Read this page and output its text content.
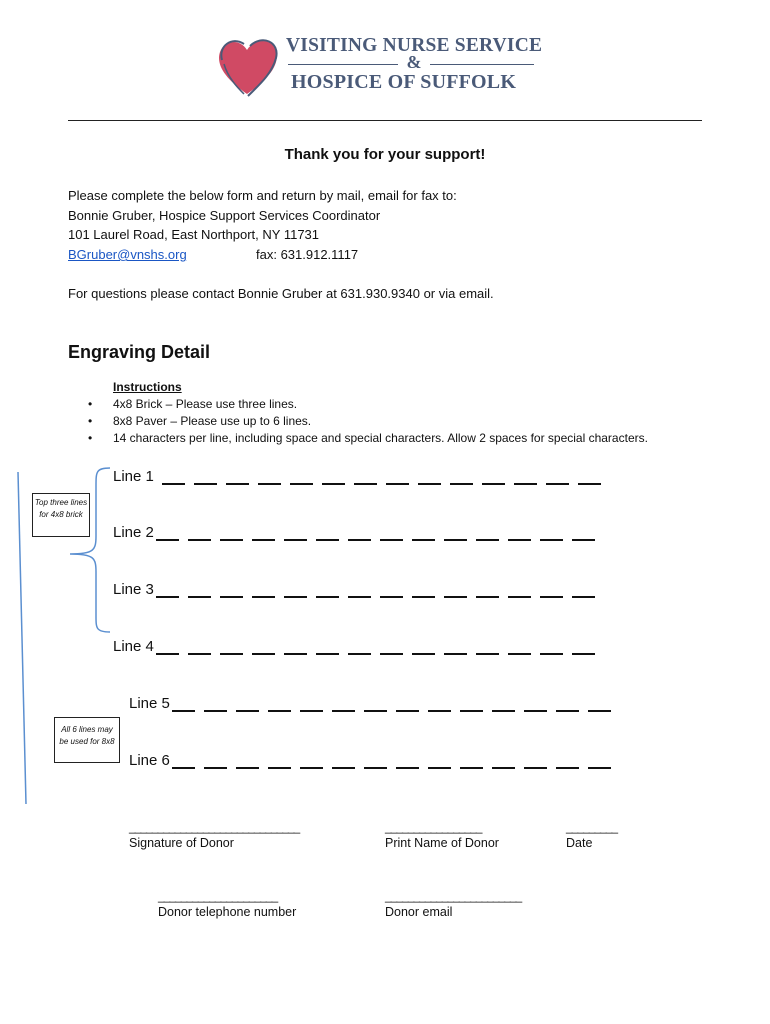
VISITING NURSE SERVICE
&
HOSPICE OF SUFFOLK
Thank you for your support!
Please complete the below form and return by mail, email for fax to:
Bonnie Gruber, Hospice Support Services Coordinator
101 Laurel Road, East Northport, NY 11731
BGruber@vnshs.org	fax: 631.912.1117
For questions please contact Bonnie Gruber at 631.930.9340 or via email.
Engraving Detail
Instructions
• 4x8 Brick – Please use three lines.
• 8x8 Paver – Please use up to 6 lines.
• 14 characters per line, including space and special characters. Allow 2 spaces for special characters.
Top three lines for 4x8 brick
All 6 lines may be used for 8x8
Line 1
Line 2
Line 3
Line 4
Line 5
Line 6
______________________________
Signature of Donor
_________________
Print Name of Donor
_________
Date
_____________________
Donor telephone number
________________________
Donor email
